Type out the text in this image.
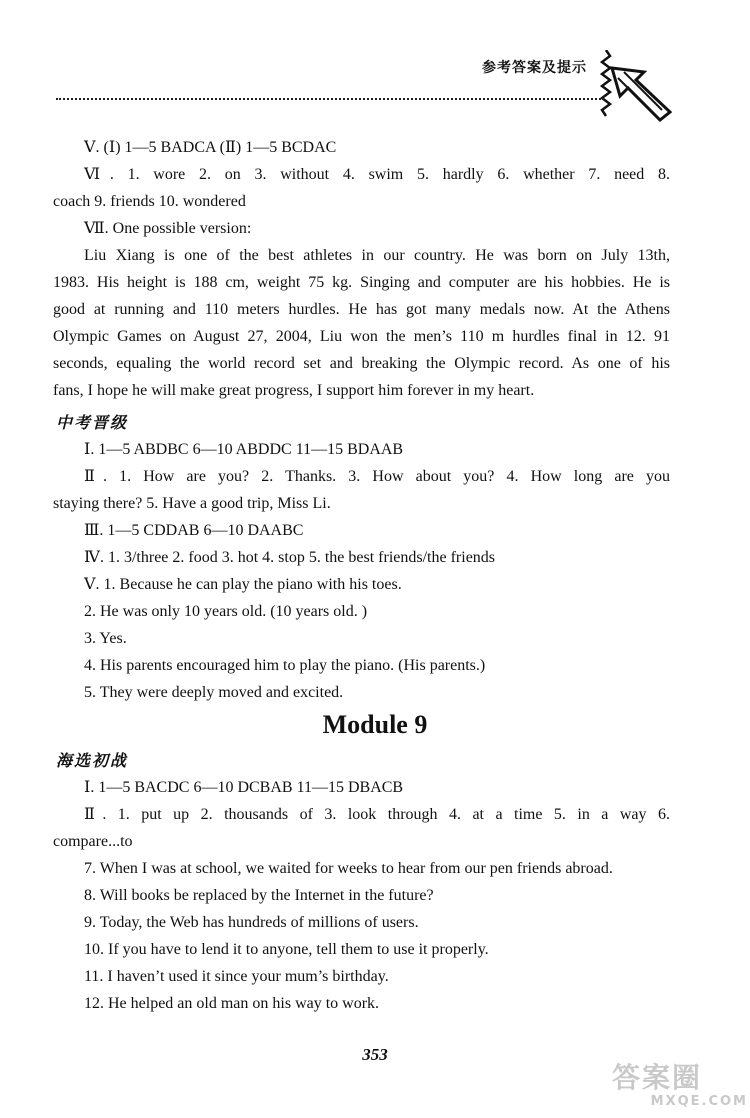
参考答案及提示
Ⅴ. (Ⅰ) 1—5 BADCA (Ⅱ) 1—5 BCDAC
Ⅵ. 1. wore 2. on 3. without 4. swim 5. hardly 6. whether 7. need 8.
coach 9. friends 10. wondered
Ⅶ. One possible version:
Liu Xiang is one of the best athletes in our country. He was born on July 13th,
1983. His height is 188 cm, weight 75 kg. Singing and computer are his hobbies. He is
good at running and 110 meters hurdles. He has got many medals now. At the Athens
Olympic Games on August 27, 2004, Liu won the men’s 110 m hurdles final in 12. 91
seconds, equaling the world record set and breaking the Olympic record. As one of his
fans, I hope he will make great progress, I support him forever in my heart.
中考晋级
Ⅰ. 1—5 ABDBC 6—10 ABDDC 11—15 BDAAB
Ⅱ. 1. How are you? 2. Thanks. 3. How about you? 4. How long are you
staying there? 5. Have a good trip, Miss Li.
Ⅲ. 1—5 CDDAB 6—10 DAABC
Ⅳ. 1. 3/three 2. food 3. hot 4. stop 5. the best friends/the friends
Ⅴ. 1. Because he can play the piano with his toes.
2. He was only 10 years old. (10 years old. )
3. Yes.
4. His parents encouraged him to play the piano. (His parents.)
5. They were deeply moved and excited.
Module 9
海选初战
Ⅰ. 1—5 BACDC 6—10 DCBAB 11—15 DBACB
Ⅱ. 1. put up 2. thousands of 3. look through 4. at a time 5. in a way 6.
compare...to
7. When I was at school, we waited for weeks to hear from our pen friends abroad.
8. Will books be replaced by the Internet in the future?
9. Today, the Web has hundreds of millions of users.
10. If you have to lend it to anyone, tell them to use it properly.
11. I haven’t used it since your mum’s birthday.
12. He helped an old man on his way to work.
353
答案圈
MXQE.COM
